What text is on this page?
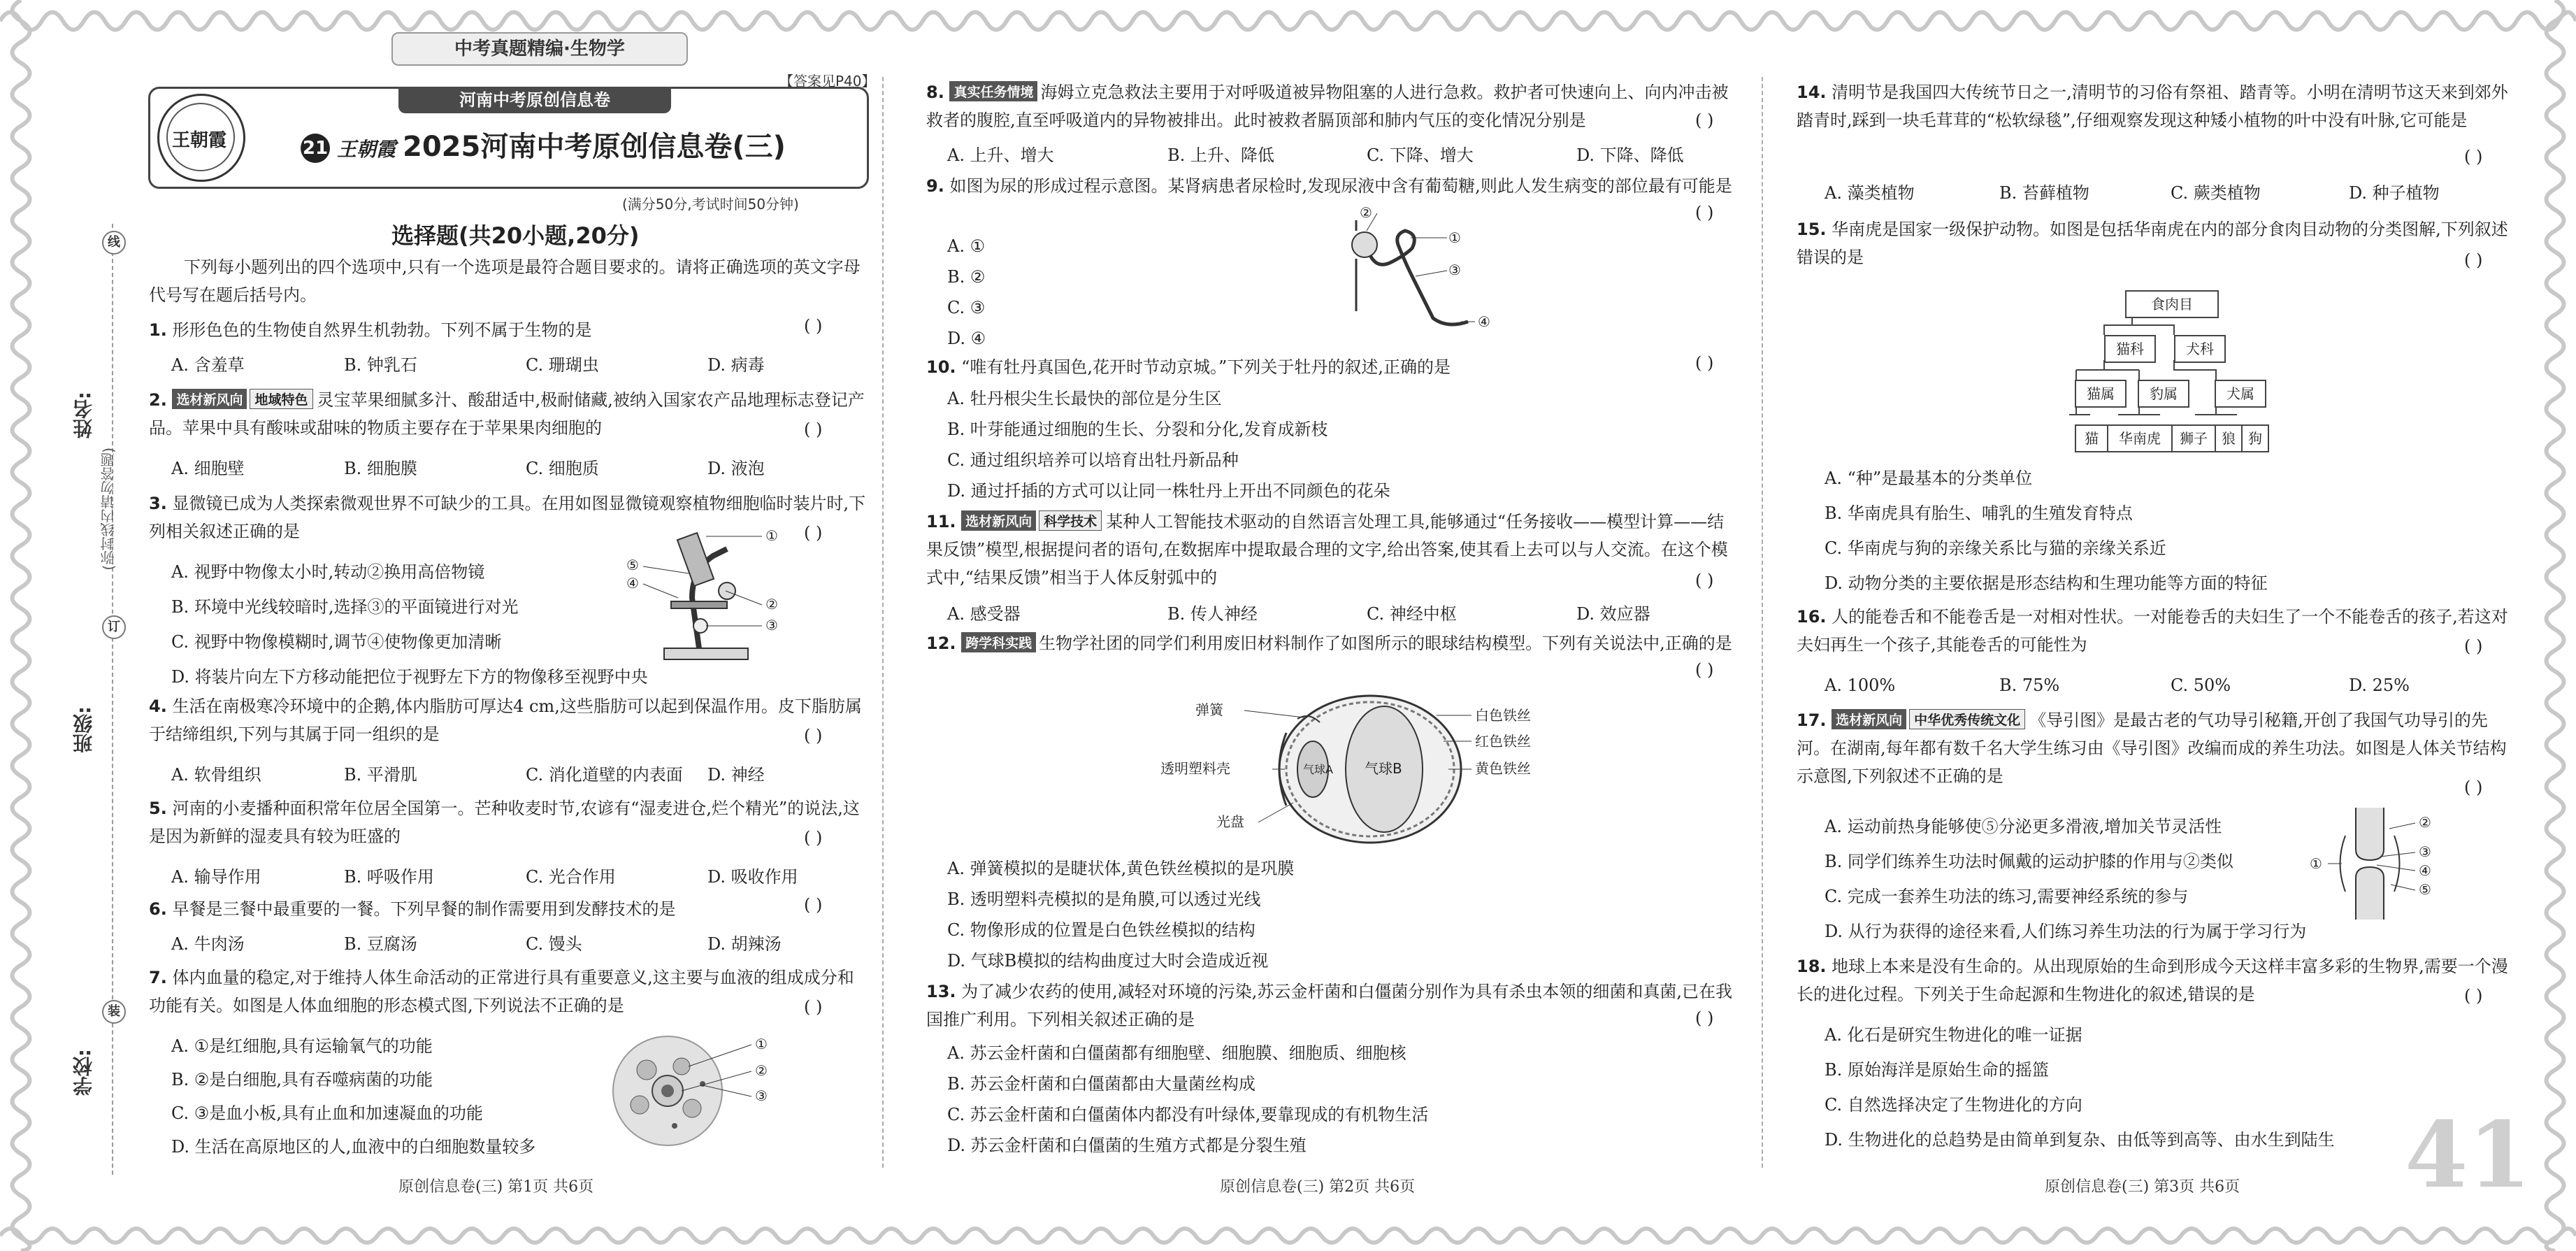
中考真题精编·生物学
【答案见P40】
姓名:
班级:
学校:
(弥封线内请勿答题)
线
订
装
王朝霞
河南中考原创信息卷
21 王朝霞 2025河南中考原创信息卷(三)
(满分50分,考试时间50分钟)
选择题(共20小题,20分)
下列每小题列出的四个选项中,只有一个选项是最符合题目要求的。请将正确选项的英文字母代号写在题后括号内。
1. 形形色色的生物使自然界生机勃勃。下列不属于生物的是	( )
A. 含羞草	B. 钟乳石	C. 珊瑚虫	D. 病毒
2. 选材新风向 地域特色 灵宝苹果细腻多汁、酸甜适中,极耐储藏,被纳入国家农产品地理标志登记产品。苹果中具有酸味或甜味的物质主要存在于苹果果肉细胞的	( )
A. 细胞壁	B. 细胞膜	C. 细胞质	D. 液泡
3. 显微镜已成为人类探索微观世界不可缺少的工具。在用如图显微镜观察植物细胞临时装片时,下列相关叙述正确的是	( )
A. 视野中物像太小时,转动②换用高倍物镜
B. 环境中光线较暗时,选择③的平面镜进行对光
C. 视野中物像模糊时,调节④使物像更加清晰
D. 将装片向左下方移动能把位于视野左下方的物像移至视野中央
①
②
③
④
⑤
4. 生活在南极寒冷环境中的企鹅,体内脂肪可厚达4 cm,这些脂肪可以起到保温作用。皮下脂肪属于结缔组织,下列与其属于同一组织的是	( )
A. 软骨组织	B. 平滑肌	C. 消化道壁的内表面 D. 神经
5. 河南的小麦播种面积常年位居全国第一。芒种收麦时节,农谚有“湿麦进仓,烂个精光”的说法,这是因为新鲜的湿麦具有较为旺盛的	( )
A. 输导作用	B. 呼吸作用	C. 光合作用	D. 吸收作用
6. 早餐是三餐中最重要的一餐。下列早餐的制作需要用到发酵技术的是	( )
A. 牛肉汤	B. 豆腐汤	C. 馒头	D. 胡辣汤
7. 体内血量的稳定,对于维持人体生命活动的正常进行具有重要意义,这主要与血液的组成成分和功能有关。如图是人体血细胞的形态模式图,下列说法不正确的是	( )
A. ①是红细胞,具有运输氧气的功能
B. ②是白细胞,具有吞噬病菌的功能
C. ③是血小板,具有止血和加速凝血的功能
D. 生活在高原地区的人,血液中的白细胞数量较多
①
②
③
原创信息卷(三) 第1页 共6页
8. 真实任务情境 海姆立克急救法主要用于对呼吸道被异物阻塞的人进行急救。救护者可快速向上、向内冲击被救者的腹腔,直至呼吸道内的异物被排出。此时被救者膈顶部和肺内气压的变化情况分别是	( )
A. 上升、增大	B. 上升、降低	C. 下降、增大	D. 下降、降低
9. 如图为尿的形成过程示意图。某肾病患者尿检时,发现尿液中含有葡萄糖,则此人发生病变的部位最有可能是
( )
A. ①
B. ②
C. ③
D. ④
②
①
③
④
10. “唯有牡丹真国色,花开时节动京城。”下列关于牡丹的叙述,正确的是	( )
A. 牡丹根尖生长最快的部位是分生区
B. 叶芽能通过细胞的生长、分裂和分化,发育成新枝
C. 通过组织培养可以培育出牡丹新品种
D. 通过扦插的方式可以让同一株牡丹上开出不同颜色的花朵
11. 选材新风向 科学技术 某种人工智能技术驱动的自然语言处理工具,能够通过“任务接收——模型计算——结果反馈”模型,根据提问者的语句,在数据库中提取最合理的文字,给出答案,使其看上去可以与人交流。在这个模式中,“结果反馈”相当于人体反射弧中的	( )
A. 感受器	B. 传人神经	C. 神经中枢	D. 效应器
12. 跨学科实践 生物学社团的同学们利用废旧材料制作了如图所示的眼球结构模型。下列有关说法中,正确的是
( )
弹簧
透明塑料壳
光盘
白色铁丝
红色铁丝
黄色铁丝
气球A 气球B
A. 弹簧模拟的是睫状体,黄色铁丝模拟的是巩膜
B. 透明塑料壳模拟的是角膜,可以透过光线
C. 物像形成的位置是白色铁丝模拟的结构
D. 气球B模拟的结构曲度过大时会造成近视
13. 为了减少农药的使用,减轻对环境的污染,苏云金杆菌和白僵菌分别作为具有杀虫本领的细菌和真菌,已在我国推广利用。下列相关叙述正确的是	( )
A. 苏云金杆菌和白僵菌都有细胞壁、细胞膜、细胞质、细胞核
B. 苏云金杆菌和白僵菌都由大量菌丝构成
C. 苏云金杆菌和白僵菌体内都没有叶绿体,要靠现成的有机物生活
D. 苏云金杆菌和白僵菌的生殖方式都是分裂生殖
原创信息卷(三) 第2页 共6页
14. 清明节是我国四大传统节日之一,清明节的习俗有祭祖、踏青等。小明在清明节这天来到郊外踏青时,踩到一块毛茸茸的“松软绿毯”,仔细观察发现这种矮小植物的叶中没有叶脉,它可能是
( )
A. 藻类植物	B. 苔藓植物	C. 蕨类植物	D. 种子植物
15. 华南虎是国家一级保护动物。如图是包括华南虎在内的部分食肉目动物的分类图解,下列叙述错误的是	( )
食肉目
猫科	犬科
猫属	豹属	犬属
猫	华南虎	狮子	狼 狗
A. “种”是最基本的分类单位
B. 华南虎具有胎生、哺乳的生殖发育特点
C. 华南虎与狗的亲缘关系比与猫的亲缘关系近
D. 动物分类的主要依据是形态结构和生理功能等方面的特征
16. 人的能卷舌和不能卷舌是一对相对性状。一对能卷舌的夫妇生了一个不能卷舌的孩子,若这对夫妇再生一个孩子,其能卷舌的可能性为	( )
A. 100%	B. 75%	C. 50%	D. 25%
17. 选材新风向 中华优秀传统文化 《导引图》是最古老的气功导引秘籍,开创了我国气功导引的先河。在湖南,每年都有数千名大学生练习由《导引图》改编而成的养生功法。如图是人体关节结构示意图,下列叙述不正确的是
( )
A. 运动前热身能够使⑤分泌更多滑液,增加关节灵活性
B. 同学们练养生功法时佩戴的运动护膝的作用与②类似
C. 完成一套养生功法的练习,需要神经系统的参与
D. 从行为获得的途径来看,人们练习养生功法的行为属于学习行为
①
②
③
④
⑤
18. 地球上本来是没有生命的。从出现原始的生命到形成今天这样丰富多彩的生物界,需要一个漫长的进化过程。下列关于生命起源和生物进化的叙述,错误的是	( )
A. 化石是研究生物进化的唯一证据
B. 原始海洋是原始生命的摇篮
C. 自然选择决定了生物进化的方向
D. 生物进化的总趋势是由简单到复杂、由低等到高等、由水生到陆生
原创信息卷(三) 第3页 共6页 41
